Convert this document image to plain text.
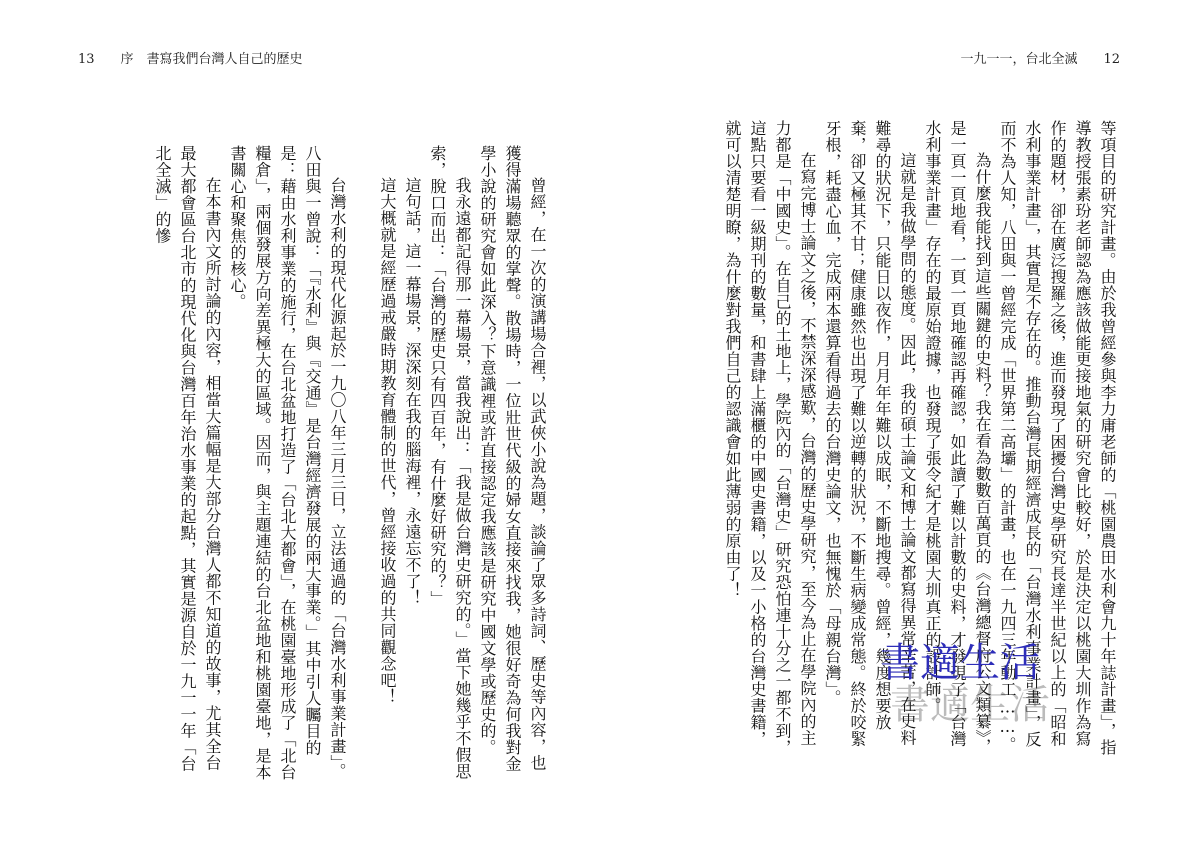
13 序　書寫我們台灣人自己的歷史	一九一一，台北全滅 12

等項目的研究計畫。由於我曾經參與李力庸老師的「桃園農田水利會九十年誌計畫」，指導教授張素玢老師認為應該做能更接地氣的研究會比較好，於是決定以桃園大圳作為寫作的題材，卻在廣泛搜羅之後，進而發現了困擾台灣史學研究長達半世紀以上的「昭和水利事業計畫」，其實是不存在的。推動台灣長期經濟成長的「台灣水利事業計畫」，反而不為人知，八田與一曾經完成「世界第二高壩」的計畫，也在一九四三年動工……。

為什麼我能找到這些關鍵的史料？我在看為數數百萬頁的《台灣總督府公文類纂》，是一頁一頁地看，一頁一頁地確認再確認，如此讀了難以計數的史料，才發現了「台灣水利事業計畫」存在的最原始證據，也發現了張令紀才是桃園大圳真正的設計師。

這就是我做學問的態度。因此，我的碩士論文和博士論文都寫得異常辛苦，在史料難尋的狀況下，只能日以夜作，月月年年難以成眠，不斷地搜尋。曾經，幾度想要放棄，卻又極其不甘；健康雖然也出現了難以逆轉的狀況，不斷生病變成常態。終於咬緊牙根，耗盡心血，完成兩本還算看得過去的台灣史論文，也無愧於「母親台灣」。

在寫完博士論文之後，不禁深深感歎，台灣的歷史學研究，至今為止在學院內的主力都是「中國史」。在自己的土地上，學院內的「台灣史」研究恐怕連十分之一都不到，這點只要看一級期刊的數量，和書肆上滿櫃的中國史書籍，以及一小格的台灣史書籍，就可以清楚明瞭，為什麼對我們自己的認識會如此薄弱的原由了！

曾經，在一次的演講場合裡，以武俠小說為題，談論了眾多詩詞、歷史等內容，也獲得滿場聽眾的掌聲。散場時，一位壯世代級的婦女直接來找我，她很好奇為何我對金學小說的研究會如此深入？下意識裡或許直接認定我應該是研究中國文學或歷史的。

我永遠都記得那一幕場景，當我說出：「我是做台灣史研究的。」當下她幾乎不假思索，脫口而出：「台灣的歷史只有四百年，有什麼好研究的？」

這句話，這一幕場景，深深刻在我的腦海裡，永遠忘不了！

這大概就是經歷過戒嚴時期教育體制的世代，曾經接收過的共同觀念吧！

台灣水利的現代化源起於一九〇八年三月三日，立法通過的「台灣水利事業計畫」。八田與一曾說：「『水利』與『交通』是台灣經濟發展的兩大事業。」其中引人矚目的是：藉由水利事業的施行，在台北盆地打造了「台北大都會」，在桃園臺地形成了「北台糧倉」，兩個發展方向差異極大的區域。因而，與主題連結的台北盆地和桃園臺地，是本書關心和聚焦的核心。

在本書內文所討論的內容，相當大篇幅是大部分台灣人都不知道的故事，尤其全台最大都會區台北市的現代化與台灣百年治水事業的起點，其實是源自於一九一一年「台北全滅」的慘

書適生活
書適生活
